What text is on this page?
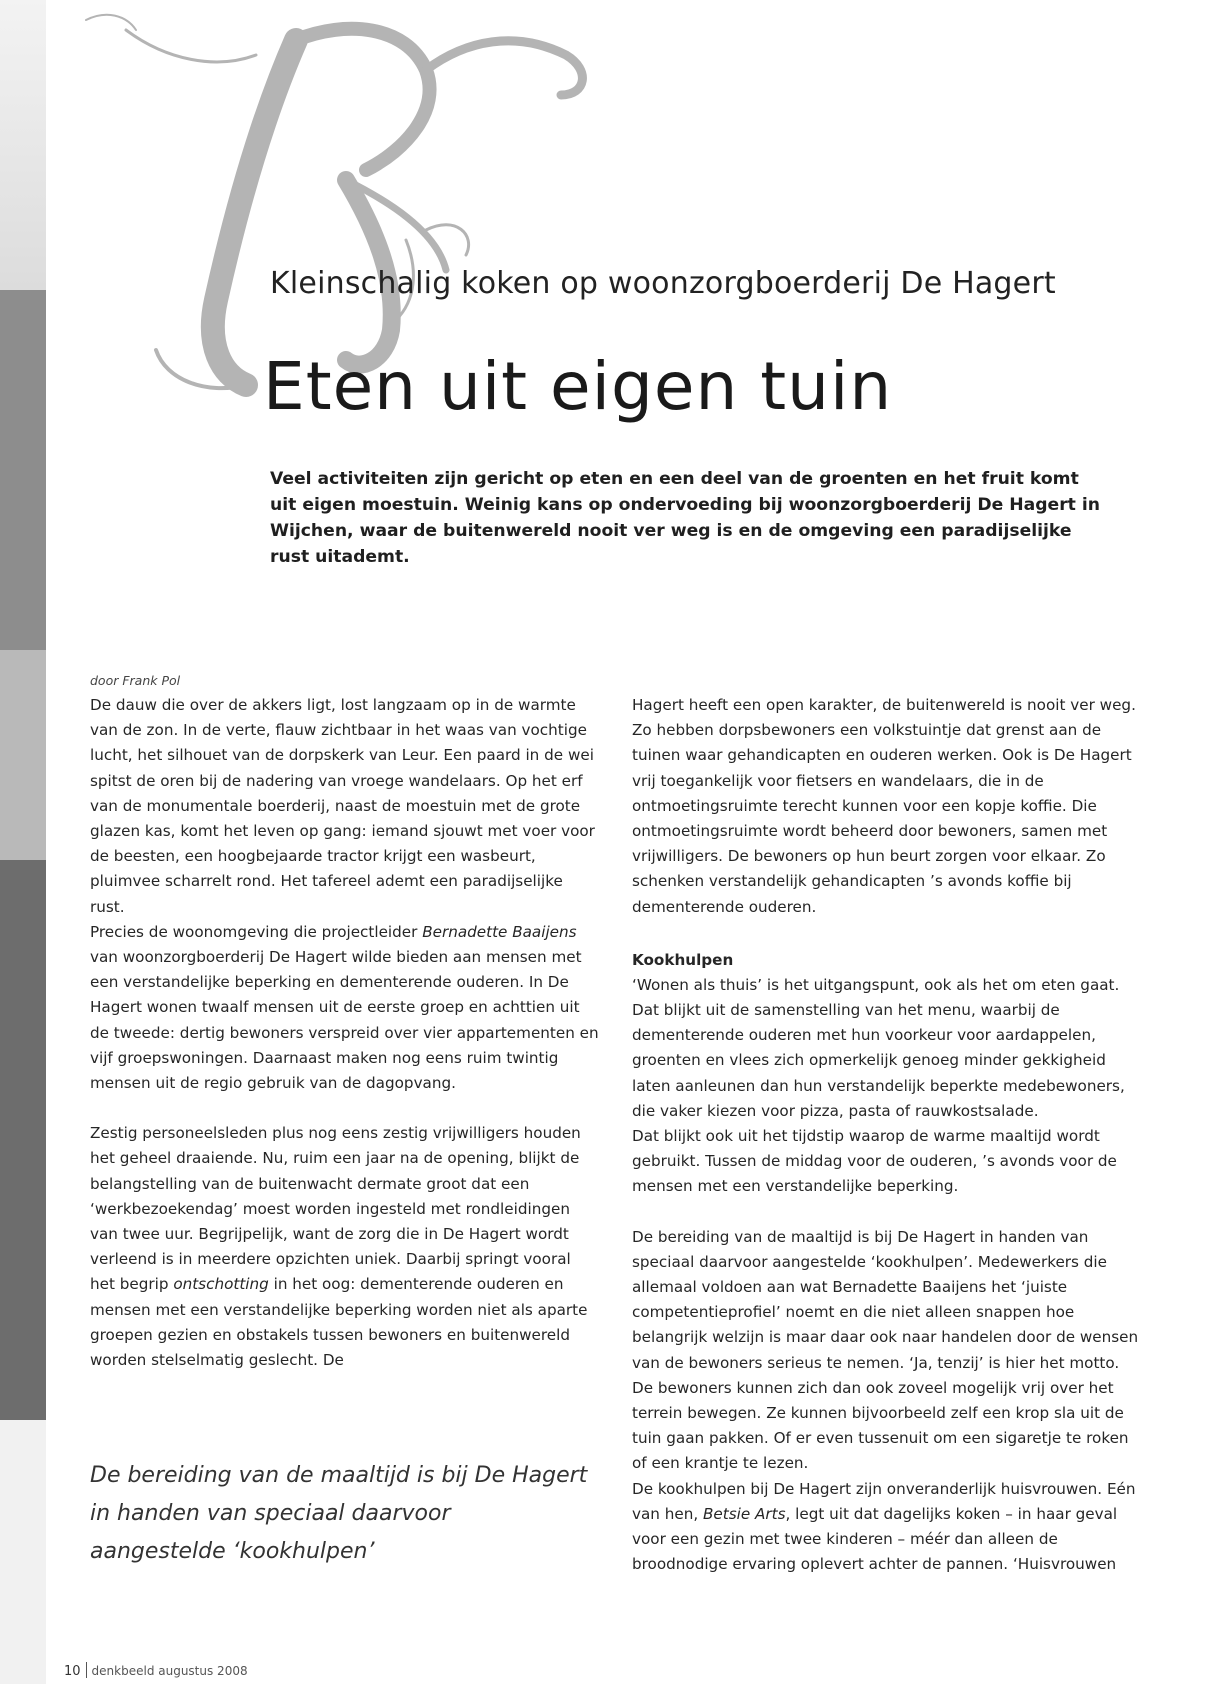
Kleinschalig koken op woonzorgboerderij De Hagert
Eten uit eigen tuin

Veel activiteiten zijn gericht op eten en een deel van de groenten en het fruit komt uit eigen moestuin. Weinig kans op ondervoeding bij woonzorgboerderij De Hagert in Wijchen, waar de buitenwereld nooit ver weg is en de omgeving een paradijselijke rust uitademt.

door Frank Pol

De dauw die over de akkers ligt, lost langzaam op in de warmte van de zon. In de verte, flauw zichtbaar in het waas van vochtige lucht, het silhouet van de dorpskerk van Leur. Een paard in de wei spitst de oren bij de nadering van vroege wandelaars. Op het erf van de monumentale boerderij, naast de moestuin met de grote glazen kas, komt het leven op gang: iemand sjouwt met voer voor de beesten, een hoogbejaarde tractor krijgt een wasbeurt, pluimvee scharrelt rond. Het tafereel ademt een paradijselijke rust.

Precies de woonomgeving die projectleider Bernadette Baaijens van woonzorgboerderij De Hagert wilde bieden aan mensen met een verstandelijke beperking en dementerende ouderen. In De Hagert wonen twaalf mensen uit de eerste groep en achttien uit de tweede: dertig bewoners verspreid over vier appartementen en vijf groepswoningen. Daarnaast maken nog eens ruim twintig mensen uit de regio gebruik van de dagopvang.

Zestig personeelsleden plus nog eens zestig vrijwilligers houden het geheel draaiende. Nu, ruim een jaar na de opening, blijkt de belangstelling van de buitenwacht dermate groot dat een ‘werkbezoekendag’ moest worden ingesteld met rondleidingen van twee uur. Begrijpelijk, want de zorg die in De Hagert wordt verleend is in meerdere opzichten uniek. Daarbij springt vooral het begrip ontschotting in het oog: dementerende ouderen en mensen met een verstandelijke beperking worden niet als aparte groepen gezien en obstakels tussen bewoners en buitenwereld worden stelselmatig geslecht. De

Hagert heeft een open karakter, de buitenwereld is nooit ver weg. Zo hebben dorpsbewoners een volkstuintje dat grenst aan de tuinen waar gehandicapten en ouderen werken. Ook is De Hagert vrij toegankelijk voor fietsers en wandelaars, die in de ontmoetingsruimte terecht kunnen voor een kopje koffie. Die ontmoetingsruimte wordt beheerd door bewoners, samen met vrijwilligers. De bewoners op hun beurt zorgen voor elkaar. Zo schenken verstandelijk gehandicapten ’s avonds koffie bij dementerende ouderen.

Kookhulpen

‘Wonen als thuis’ is het uitgangspunt, ook als het om eten gaat. Dat blijkt uit de samenstelling van het menu, waarbij de dementerende ouderen met hun voorkeur voor aardappelen, groenten en vlees zich opmerkelijk genoeg minder gekkigheid laten aanleunen dan hun verstandelijk beperkte medebewoners, die vaker kiezen voor pizza, pasta of rauwkostsalade.

Dat blijkt ook uit het tijdstip waarop de warme maaltijd wordt gebruikt. Tussen de middag voor de ouderen, ’s avonds voor de mensen met een verstandelijke beperking.

De bereiding van de maaltijd is bij De Hagert in handen van speciaal daarvoor aangestelde ‘kookhulpen’. Medewerkers die allemaal voldoen aan wat Bernadette Baaijens het ‘juiste competentieprofiel’ noemt en die niet alleen snappen hoe belangrijk welzijn is maar daar ook naar handelen door de wensen van de bewoners serieus te nemen. ‘Ja, tenzij’ is hier het motto. De bewoners kunnen zich dan ook zoveel mogelijk vrij over het terrein bewegen. Ze kunnen bijvoorbeeld zelf een krop sla uit de tuin gaan pakken. Of er even tussenuit om een sigaretje te roken of een krantje te lezen.

De kookhulpen bij De Hagert zijn onveranderlijk huisvrouwen. Eén van hen, Betsie Arts, legt uit dat dagelijks koken – in haar geval voor een gezin met twee kinderen – méér dan alleen de broodnodige ervaring oplevert achter de pannen. ‘Huisvrouwen

De bereiding van de maaltijd is bij De Hagert in handen van speciaal daarvoor aangestelde ‘kookhulpen’

10 denkbeeld augustus 2008
